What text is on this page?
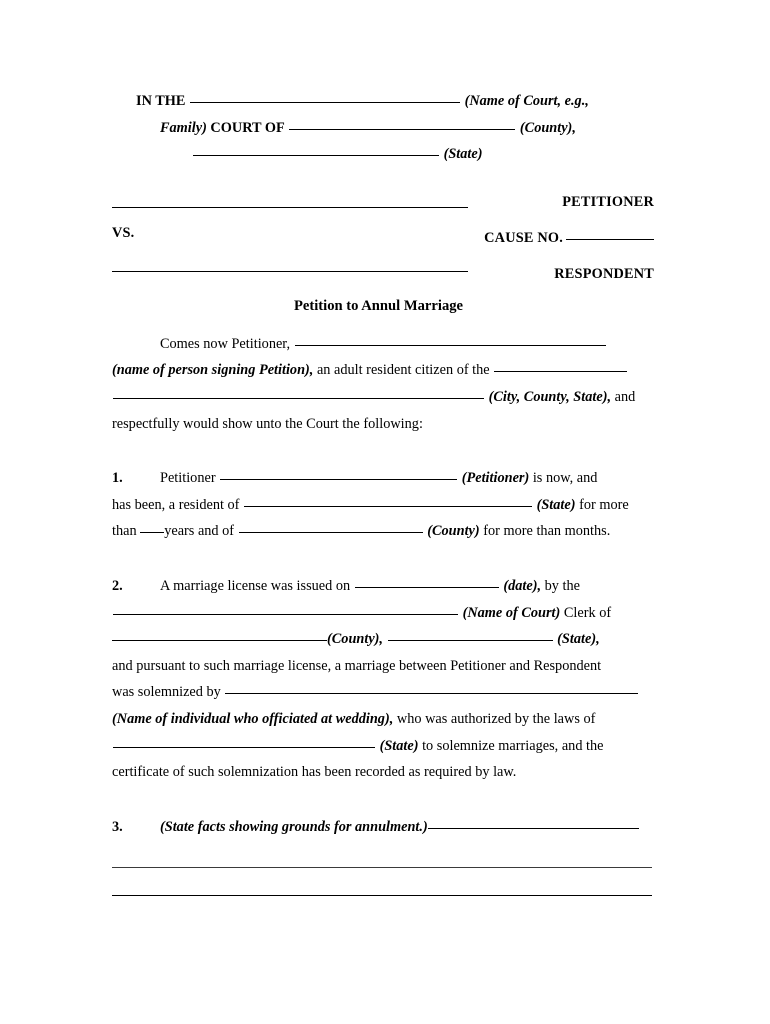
IN THE	(Name of Court, e.g.,
Family) COURT OF	(County),
(State)
VS.
PETITIONER
CAUSE NO.
RESPONDENT
Petition to Annul Marriage
Comes now Petitioner,
(name of person signing Petition), an adult resident citizen of the
(City, County, State), and
respectfully would show unto the Court the following:
1.	Petitioner	(Petitioner) is now, and
has been, a resident of	(State) for more
than years and of	(County) for more than months.
2.	A marriage license was issued on	(date), by the
(Name of Court) Clerk of
(County),	(State),
and pursuant to such marriage license, a marriage between Petitioner and Respondent
was solemnized by
(Name of individual who officiated at wedding), who was authorized by the laws of
(State) to solemnize marriages, and the
certificate of such solemnization has been recorded as required by law.
3.	(State facts showing grounds for annulment.)
